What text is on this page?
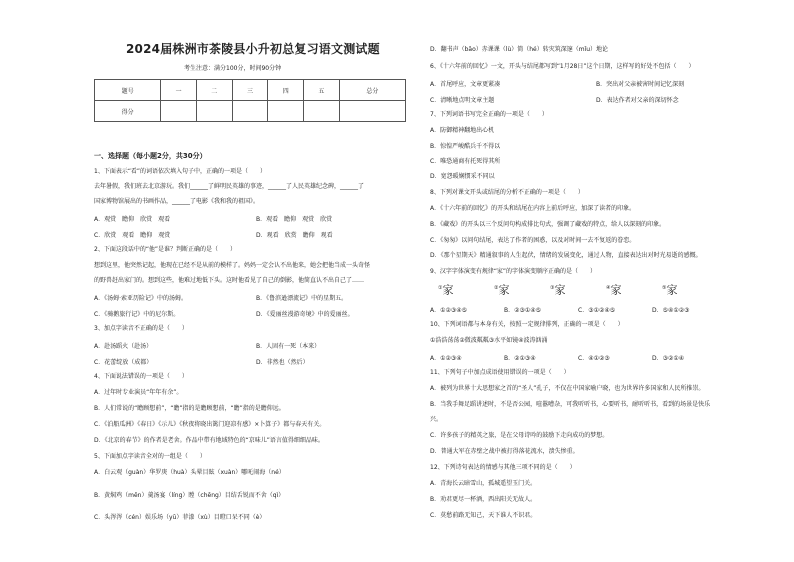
2024届株洲市茶陵县小升初总复习语文测试题
考生注意：满分100分，时间90分钟
题号	一	二	三	四	五	总分
得分						
一、选择题（每小题2分，共30分）
1、下面表示“看”的词语依次填入句子中，正确的一项是（　　）
去年暑假，我们班去北京游玩。我们______了鲜明民英雄的事迹，______了人民英雄纪念碑，______了
国家博物馆展出的书画作品，______了电影《我和我的祖国》。
A．观赏　瞻仰　欣赏　观看	B．观看　瞻仰　观赏　欣赏
C．欣赏　观看　瞻仰　观赏	D．观看　欣赏　瞻仰　观看
2、下面这段话中的“他”是谁？判断正确的是（　　）
想到这里，他突然记起，他现在已经不是从前的模样了。妈妈一定会认不出他来，她会把他当成一头奇怪
的野兽赶出家门的。想到这些，他难过地低下头。这时他看见了自己的倒影，他简直认不出自己了……
A．《汤姆·索亚历险记》中的汤姆。	B．《鲁滨逊漂流记》中的星期五。
C．《骑鹅旅行记》中的尼尔斯。	D．《爱丽丝漫游奇境》中的爱丽丝。
3、加点字读音不正确的是（　　）
A．赴汤蹈火（赴汤）	B．人固有一死（本来）
C．花蕾绽放（成都）	D．非然也（然后）
4、下面说法错误的一项是（　　）
A．过年时专业演员“年年有余”。
B．人们常说的“瞻顾想前”，“瞻”指的是瞻顾想前，“瞻”指的是瞻仰远。
C．《泊船瓜洲》《春日》《示儿》《秋夜将晓出篱门迎凉有感》×卜算子》都与春天有关。
D．《北京的春节》的作者是老舍。作品中带有地域特色的“京味儿”语言值得细细品味。
5、下面加点字读音全对的一组是（　　）
A．白云观（guàn）华罗庚（huà）头晕目眩（xuàn）哪吒闹海（né）
B．黄焖鸡（mēn）羹汤宴（líng）瞠（chēng）目结舌锐而不舍（qì）
C．头涔涔（cén）娱乐场（yū）菲漆（xù）目瞪口呆不同（è）
D．翻书声（bāo）赤课课（lù）简（hé）转灾筑深邃（mǐu）地论
6、《十六年前的回忆》一文，开头与结尾都写到“1月28日”这个日期，这样写的好处不包括（　　）
A．首尾呼应，文章更紧凑	B．突出对父亲被害时间记忆深刻
C．清晰地点明文章主题	D．表达作者对父亲的深切怀念
7、下列词语书写完全正确的一项是（　　）
A．防御精神翻地出心机
B．惊惶严峻酷兵千不得以
C．唯恐通商有托死得其所
D．宽怨暖娴惯采不同以
8、下列对课文开头或结尾的分析不正确的一项是（　　）
A．《十六年前的回忆》的开头和结尾在内容上前后呼应，加深了读者的印象。
B．《藏戏》的开头以三个反问句构成排比句式，强调了藏戏的特点，给人以深刻的印象。
C．《匆匆》以问句结尾，表达了作者的困惑，以及对时间一去不复返的眷恋。
D．《那个星期天》精通叙事的人生起伏，情绪的发展变化，通过人物，直接表达出对时光易逝的感慨。
9、汉字字体演变有规律“家”的字体演变顺序正确的是（　　）
①家	②家	③家	④家	⑤家
A．①②③④⑤	B．②③①④⑤	C．③①②④⑤	D．⑤④①②③
10、下列词语都与本身有关，按照一定规律排列，正确的一项是（　　）
①浩浩荡荡②微波粼粼③水平如镜④波涛汹涌
A．①②③④	B．②①③④	C．④①②③	D．③②①④
11、下列句子中加点成语使用错误的一项是（　　）
A．被列为世界十大思想家之首的“圣人”孔子，不仅在中国家喻户晓，也为世界许多国家和人民所推崇。
B．当我手舞足蹈讲述时，不是否公园，喧嚣嘈杂，可我听听书，心要听书，耐听听书，看到的场景是快乐
兴。
C．许多孩子的精英之旅，是在父母诗吟的鼓励下走向成功的梦想。
D．普通大军在赤壁之战中被打得落花流水，溃失惨重。
12、下列诗句表达的情感与其他三项不同的是（　　）
A．青海长云暗雪山，孤城遥望玉门关。
B．劝君更尽一杯酒，西出阳关无故人。
C．莫愁前路无知己，天下谁人不识君。
